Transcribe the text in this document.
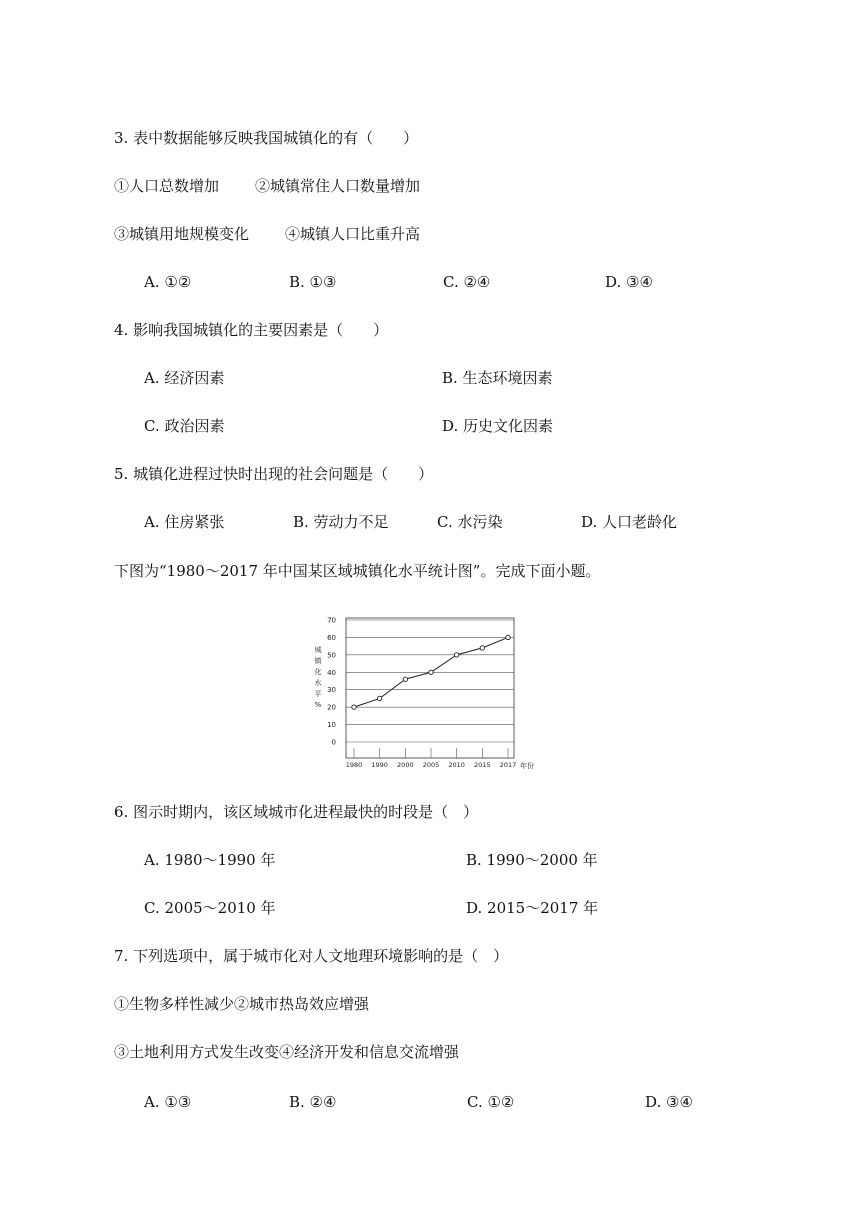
3. 表中数据能够反映我国城镇化的有（　　）
①人口总数增加 ②城镇常住人口数量增加
③城镇用地规模变化 ④城镇人口比重升高
A. ①②	B. ①③	C. ②④	D. ③④
4. 影响我国城镇化的主要因素是（　　）
A. 经济因素	B. 生态环境因素
C. 政治因素	D. 历史文化因素
5. 城镇化进程过快时出现的社会问题是（　　）
A. 住房紧张	B. 劳动力不足	C. 水污染	D. 人口老龄化
下图为“1980～2017 年中国某区域城镇化水平统计图”。完成下面小题。
城
镇
化
水
平
%
0
10
20
30
40
50
60
70
1980 1990 2000 2005 2010 2015 2017 年份
6. 图示时期内，该区域城市化进程最快的时段是（　）
A. 1980～1990 年	B. 1990～2000 年
C. 2005～2010 年	D. 2015～2017 年
7. 下列选项中，属于城市化对人文地理环境影响的是（　）
①生物多样性减少②城市热岛效应增强
③土地利用方式发生改变④经济开发和信息交流增强
A. ①③	B. ②④	C. ①②	D. ③④
